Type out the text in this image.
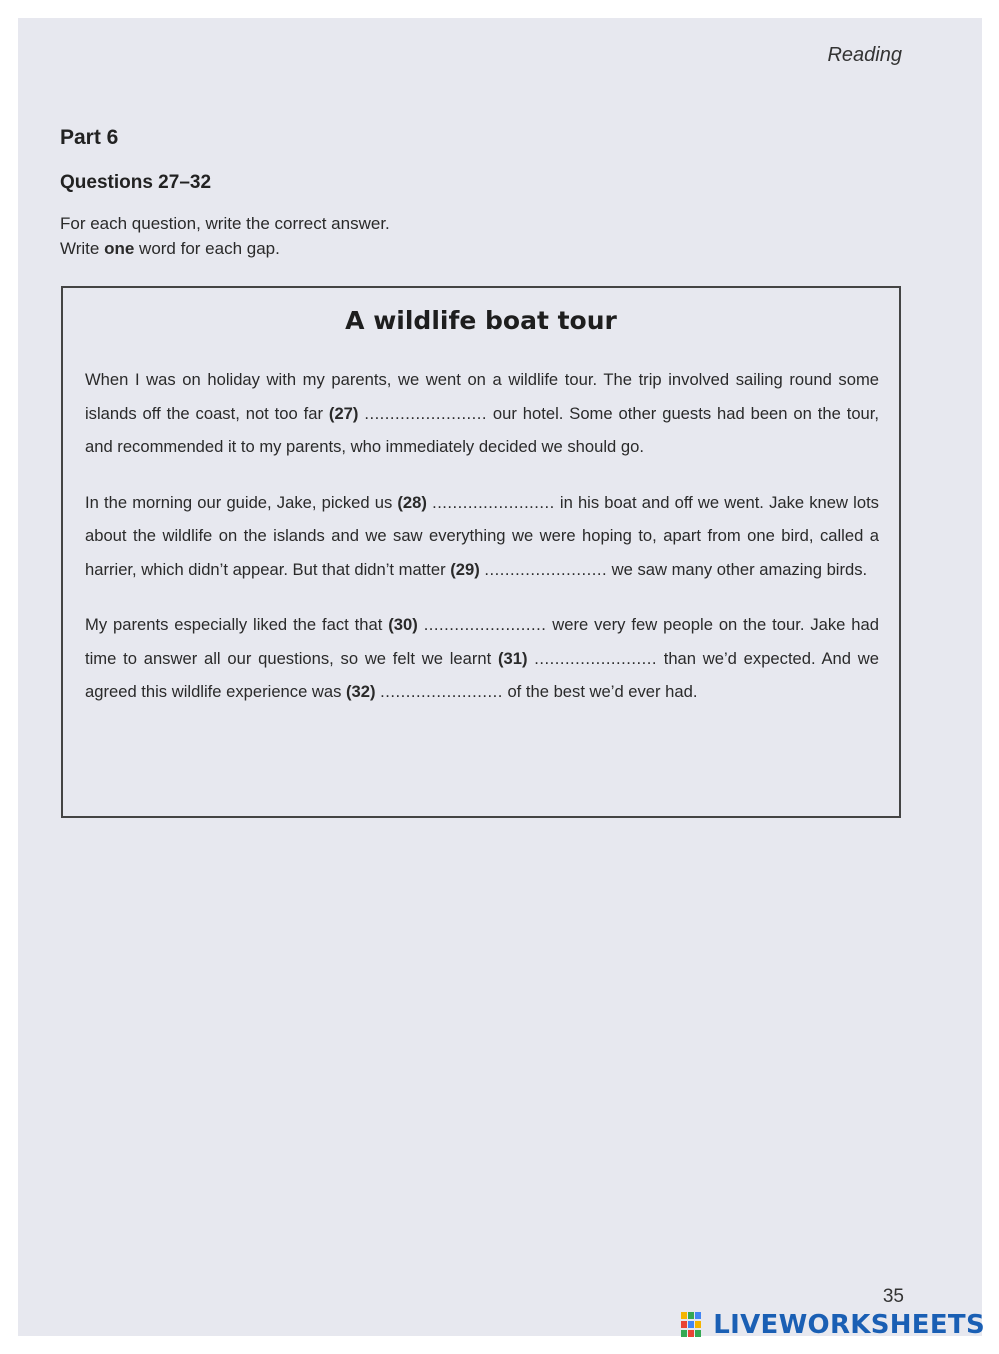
Reading
Part 6
Questions 27–32
For each question, write the correct answer.
Write one word for each gap.
A wildlife boat tour

When I was on holiday with my parents, we went on a wildlife tour. The trip involved sailing round some islands off the coast, not too far (27) ........................ our hotel. Some other guests had been on the tour, and recommended it to my parents, who immediately decided we should go.

In the morning our guide, Jake, picked us (28) ........................ in his boat and off we went. Jake knew lots about the wildlife on the islands and we saw everything we were hoping to, apart from one bird, called a harrier, which didn’t appear. But that didn’t matter (29) ........................ we saw many other amazing birds.

My parents especially liked the fact that (30) ........................ were very few people on the tour. Jake had time to answer all our questions, so we felt we learnt (31) ........................ than we’d expected. And we agreed this wildlife experience was (32) ........................ of the best we’d ever had.

35
LIVEWORKSHEETS
